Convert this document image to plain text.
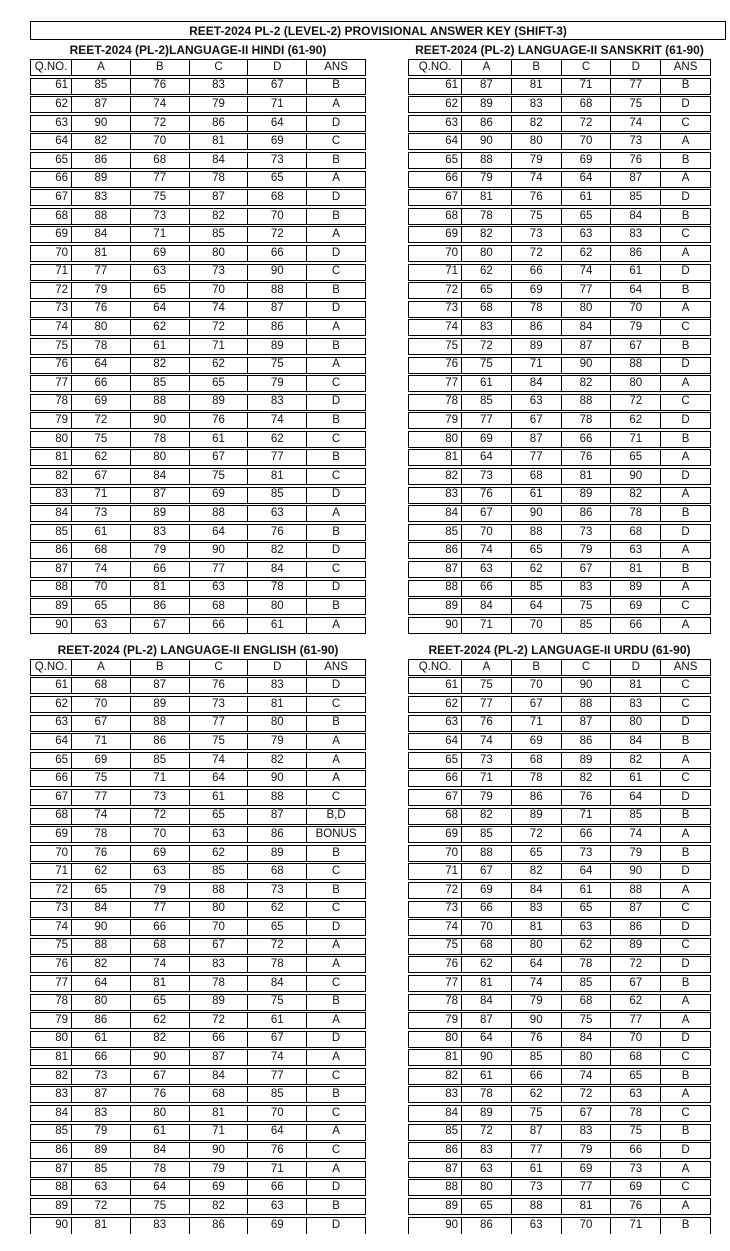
REET-2024 PL-2 (LEVEL-2) PROVISIONAL ANSWER KEY (SHIFT-3)
REET-2024 (PL-2)LANGUAGE-II HINDI (61-90)
Q.NO.	A	B	C	D	ANS
61	85	76	83	67	B
62	87	74	79	71	A
63	90	72	86	64	D
64	82	70	81	69	C
65	86	68	84	73	B
66	89	77	78	65	A
67	83	75	87	68	D
68	88	73	82	70	B
69	84	71	85	72	A
70	81	69	80	66	D
71	77	63	73	90	C
72	79	65	70	88	B
73	76	64	74	87	D
74	80	62	72	86	A
75	78	61	71	89	B
76	64	82	62	75	A
77	66	85	65	79	C
78	69	88	89	83	D
79	72	90	76	74	B
80	75	78	61	62	C
81	62	80	67	77	B
82	67	84	75	81	C
83	71	87	69	85	D
84	73	89	88	63	A
85	61	83	64	76	B
86	68	79	90	82	D
87	74	66	77	84	C
88	70	81	63	78	D
89	65	86	68	80	B
90	63	67	66	61	A
REET-2024 (PL-2) LANGUAGE-II ENGLISH (61-90)
Q.NO.	A	B	C	D	ANS
61	68	87	76	83	D
62	70	89	73	81	C
63	67	88	77	80	B
64	71	86	75	79	A
65	69	85	74	82	A
66	75	71	64	90	A
67	77	73	61	88	C
68	74	72	65	87	B,D
69	78	70	63	86	BONUS
70	76	69	62	89	B
71	62	63	85	68	C
72	65	79	88	73	B
73	84	77	80	62	C
74	90	66	70	65	D
75	88	68	67	72	A
76	82	74	83	78	A
77	64	81	78	84	C
78	80	65	89	75	B
79	86	62	72	61	A
80	61	82	66	67	D
81	66	90	87	74	A
82	73	67	84	77	C
83	87	76	68	85	B
84	83	80	81	70	C
85	79	61	71	64	A
86	89	84	90	76	C
87	85	78	79	71	A
88	63	64	69	66	D
89	72	75	82	63	B
90	81	83	86	69	D
REET-2024 (PL-2) LANGUAGE-II SANSKRIT (61-90)
Q.NO.	A	B	C	D	ANS
61	87	81	71	77	B
62	89	83	68	75	D
63	86	82	72	74	C
64	90	80	70	73	A
65	88	79	69	76	B
66	79	74	64	87	A
67	81	76	61	85	D
68	78	75	65	84	B
69	82	73	63	83	C
70	80	72	62	86	A
71	62	66	74	61	D
72	65	69	77	64	B
73	68	78	80	70	A
74	83	86	84	79	C
75	72	89	87	67	B
76	75	71	90	88	D
77	61	84	82	80	A
78	85	63	88	72	C
79	77	67	78	62	D
80	69	87	66	71	B
81	64	77	76	65	A
82	73	68	81	90	D
83	76	61	89	82	A
84	67	90	86	78	B
85	70	88	73	68	D
86	74	65	79	63	A
87	63	62	67	81	B
88	66	85	83	89	A
89	84	64	75	69	C
90	71	70	85	66	A
REET-2024 (PL-2) LANGUAGE-II URDU (61-90)
Q.NO.	A	B	C	D	ANS
61	75	70	90	81	C
62	77	67	88	83	C
63	76	71	87	80	D
64	74	69	86	84	B
65	73	68	89	82	A
66	71	78	82	61	C
67	79	86	76	64	D
68	82	89	71	85	B
69	85	72	66	74	A
70	88	65	73	79	B
71	67	82	64	90	D
72	69	84	61	88	A
73	66	83	65	87	C
74	70	81	63	86	D
75	68	80	62	89	C
76	62	64	78	72	D
77	81	74	85	67	B
78	84	79	68	62	A
79	87	90	75	77	A
80	64	76	84	70	D
81	90	85	80	68	C
82	61	66	74	65	B
83	78	62	72	63	A
84	89	75	67	78	C
85	72	87	83	75	B
86	83	77	79	66	D
87	63	61	69	73	A
88	80	73	77	69	C
89	65	88	81	76	A
90	86	63	70	71	B
